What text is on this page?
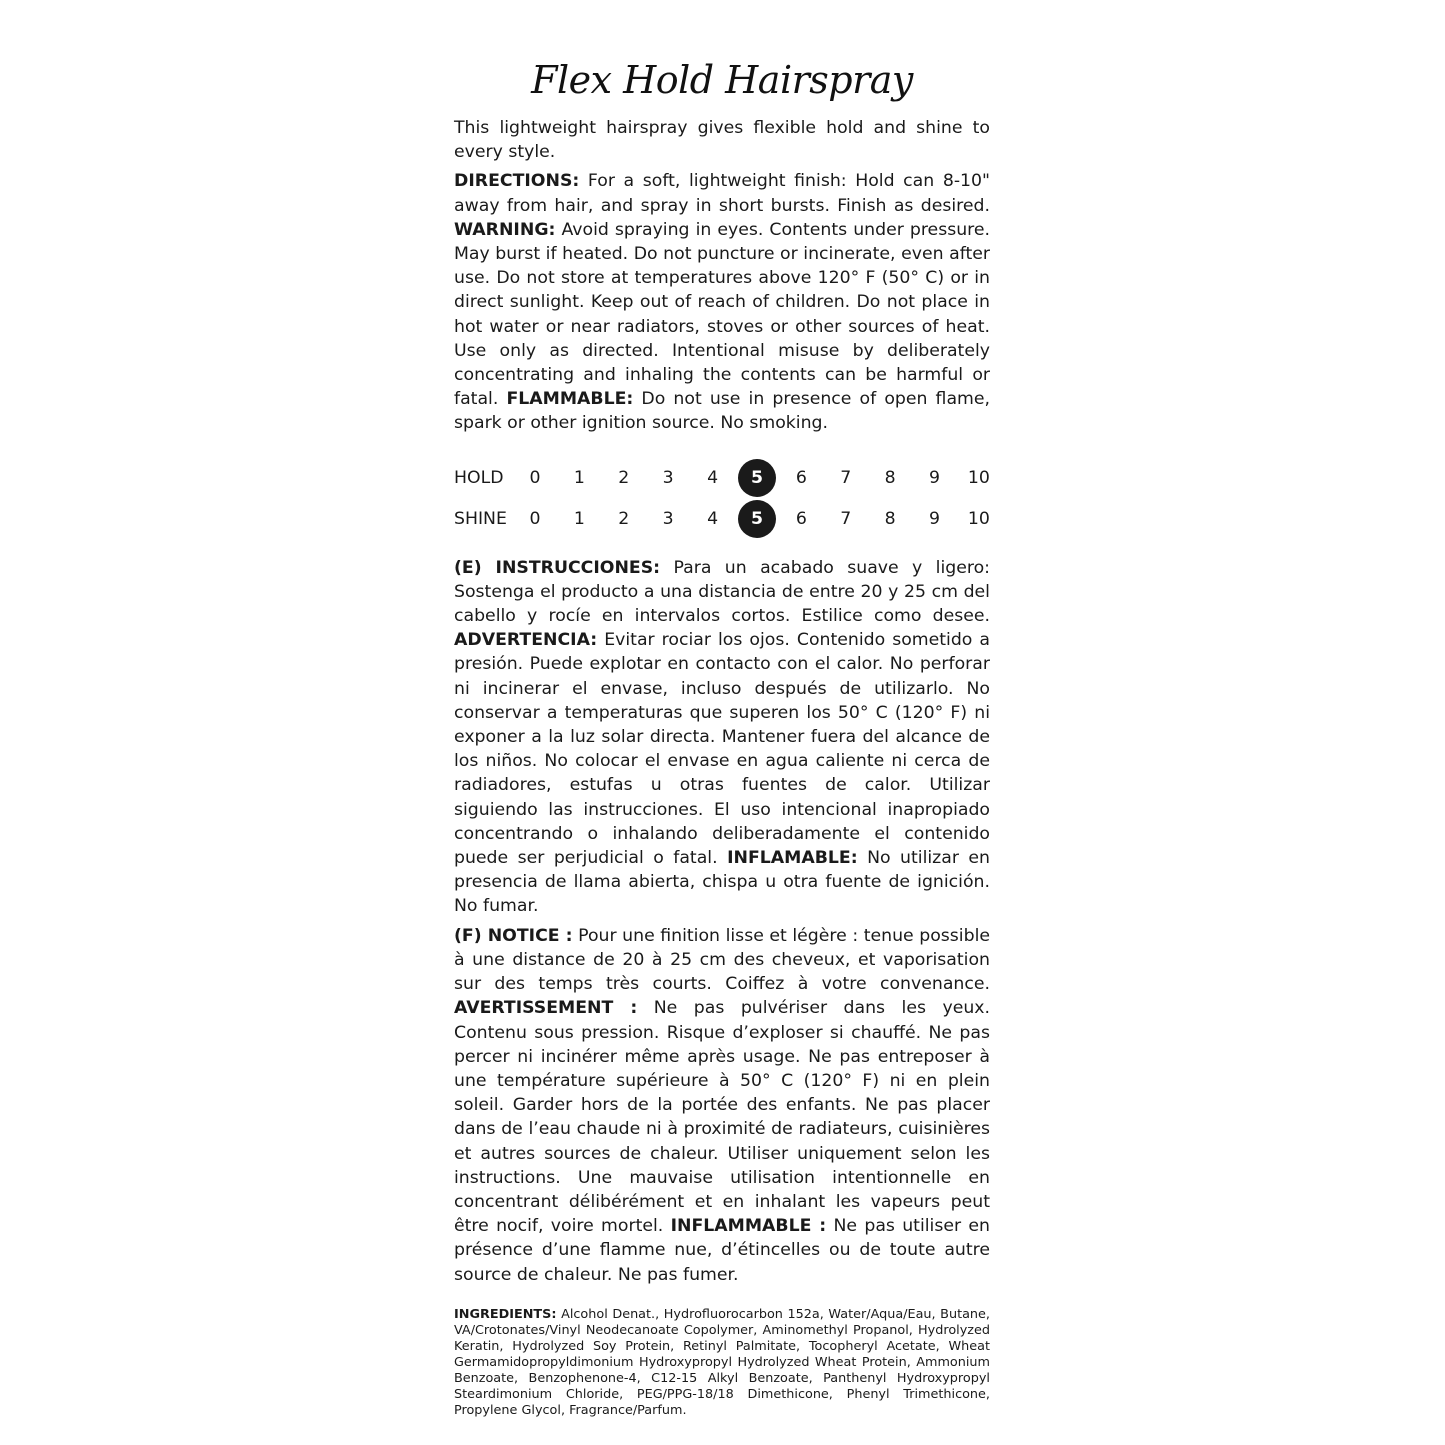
Flex Hold Hairspray

This lightweight hairspray gives flexible hold and shine to every style.

DIRECTIONS: For a soft, lightweight finish: Hold can 8-10" away from hair, and spray in short bursts. Finish as desired. WARNING: Avoid spraying in eyes. Contents under pressure. May burst if heated. Do not puncture or incinerate, even after use. Do not store at temperatures above 120° F (50° C) or in direct sunlight. Keep out of reach of children. Do not place in hot water or near radiators, stoves or other sources of heat. Use only as directed. Intentional misuse by deliberately concentrating and inhaling the contents can be harmful or fatal. FLAMMABLE: Do not use in presence of open flame, spark or other ignition source. No smoking.

HOLD	0	1	2	3	4	5	6	7	8	9	10
SHINE	0	1	2	3	4	5	6	7	8	9	10

(E) INSTRUCCIONES: Para un acabado suave y ligero: Sostenga el producto a una distancia de entre 20 y 25 cm del cabello y rocíe en intervalos cortos. Estilice como desee. ADVERTENCIA: Evitar rociar los ojos. Contenido sometido a presión. Puede explotar en contacto con el calor. No perforar ni incinerar el envase, incluso después de utilizarlo. No conservar a temperaturas que superen los 50° C (120° F) ni exponer a la luz solar directa. Mantener fuera del alcance de los niños. No colocar el envase en agua caliente ni cerca de radiadores, estufas u otras fuentes de calor. Utilizar siguiendo las instrucciones. El uso intencional inapropiado concentrando o inhalando deliberadamente el contenido puede ser perjudicial o fatal. INFLAMABLE: No utilizar en presencia de llama abierta, chispa u otra fuente de ignición. No fumar.

(F) NOTICE : Pour une finition lisse et légère : tenue possible à une distance de 20 à 25 cm des cheveux, et vaporisation sur des temps très courts. Coiffez à votre convenance. AVERTISSEMENT : Ne pas pulvériser dans les yeux. Contenu sous pression. Risque d’exploser si chauffé. Ne pas percer ni incinérer même après usage. Ne pas entreposer à une température supérieure à 50° C (120° F) ni en plein soleil. Garder hors de la portée des enfants. Ne pas placer dans de l’eau chaude ni à proximité de radiateurs, cuisinières et autres sources de chaleur. Utiliser uniquement selon les instructions. Une mauvaise utilisation intentionnelle en concentrant délibérément et en inhalant les vapeurs peut être nocif, voire mortel. INFLAMMABLE : Ne pas utiliser en présence d’une flamme nue, d’étincelles ou de toute autre source de chaleur. Ne pas fumer.

INGREDIENTS: Alcohol Denat., Hydrofluorocarbon 152a, Water/Aqua/Eau, Butane, VA/Crotonates/Vinyl Neodecanoate Copolymer, Aminomethyl Propanol, Hydrolyzed Keratin, Hydrolyzed Soy Protein, Retinyl Palmitate, Tocopheryl Acetate, Wheat Germamidopropyldimonium Hydroxypropyl Hydrolyzed Wheat Protein, Ammonium Benzoate, Benzophenone-4, C12-15 Alkyl Benzoate, Panthenyl Hydroxypropyl Steardimonium Chloride, PEG/PPG-18/18 Dimethicone, Phenyl Trimethicone, Propylene Glycol, Fragrance/Parfum.
